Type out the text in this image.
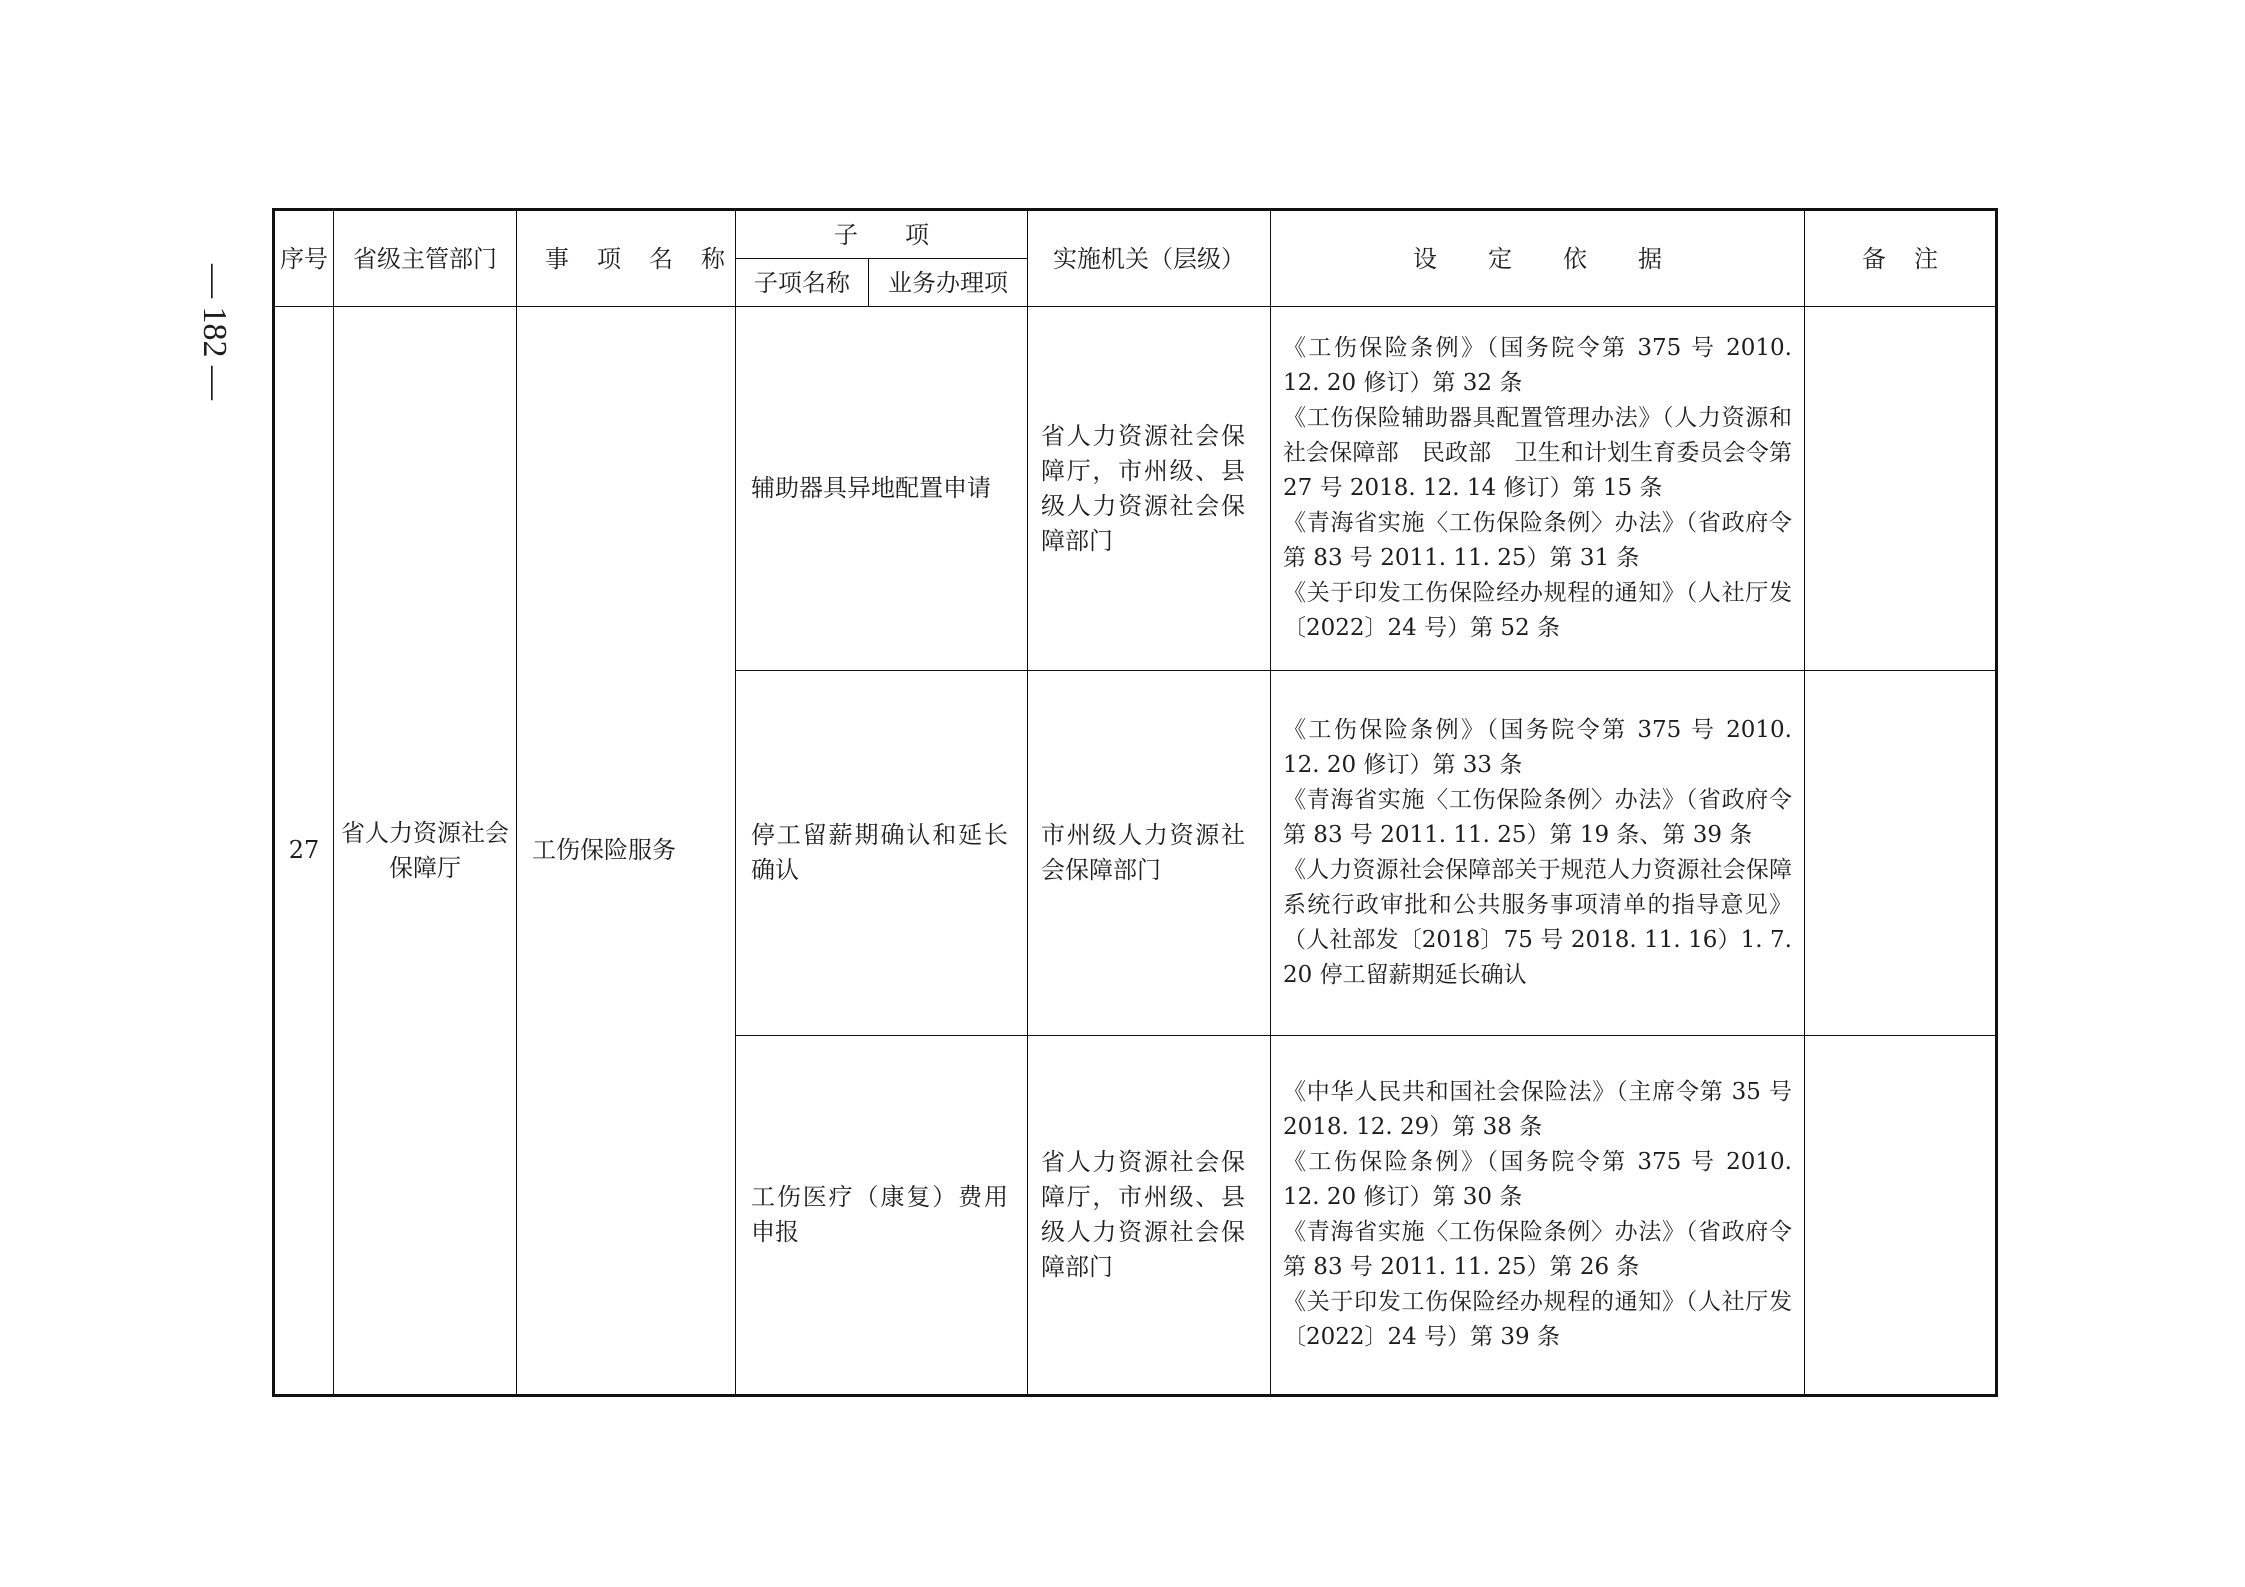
— 182 —
序号	省级主管部门	事项名称	子项		实施机关（层级）	设定依据	备注
			子项名称	业务办理项			
27	省人力资源社会保障厅	工伤保险服务	辅助器具异地配置申请		省人力资源社会保障厅，市州级、县级人力资源社会保障部门	《工伤保险条例》（国务院令第 375 号 2010. 12. 20 修订）第 32 条
《工伤保险辅助器具配置管理办法》（人力资源和社会保障部　民政部　卫生和计划生育委员会令第 27 号 2018. 12. 14 修订）第 15 条
《青海省实施〈工伤保险条例〉办法》（省政府令第 83 号 2011. 11. 25）第 31 条
《关于印发工伤保险经办规程的通知》（人社厅发〔2022〕24 号）第 52 条	

			停工留薪期确认和延长确认		市州级人力资源社会保障部门	《工伤保险条例》（国务院令第 375 号 2010. 12. 20 修订）第 33 条
《青海省实施〈工伤保险条例〉办法》（省政府令第 83 号 2011. 11. 25）第 19 条、第 39 条
《人力资源社会保障部关于规范人力资源社会保障系统行政审批和公共服务事项清单的指导意见》（人社部发〔2018〕75 号 2018. 11. 16）1. 7. 20 停工留薪期延长确认	

			工伤医疗（康复）费用申报		省人力资源社会保障厅，市州级、县级人力资源社会保障部门	《中华人民共和国社会保险法》（主席令第 35 号 2018. 12. 29）第 38 条
《工伤保险条例》（国务院令第 375 号 2010. 12. 20 修订）第 30 条
《青海省实施〈工伤保险条例〉办法》（省政府令第 83 号 2011. 11. 25）第 26 条
《关于印发工伤保险经办规程的通知》（人社厅发〔2022〕24 号）第 39 条	
